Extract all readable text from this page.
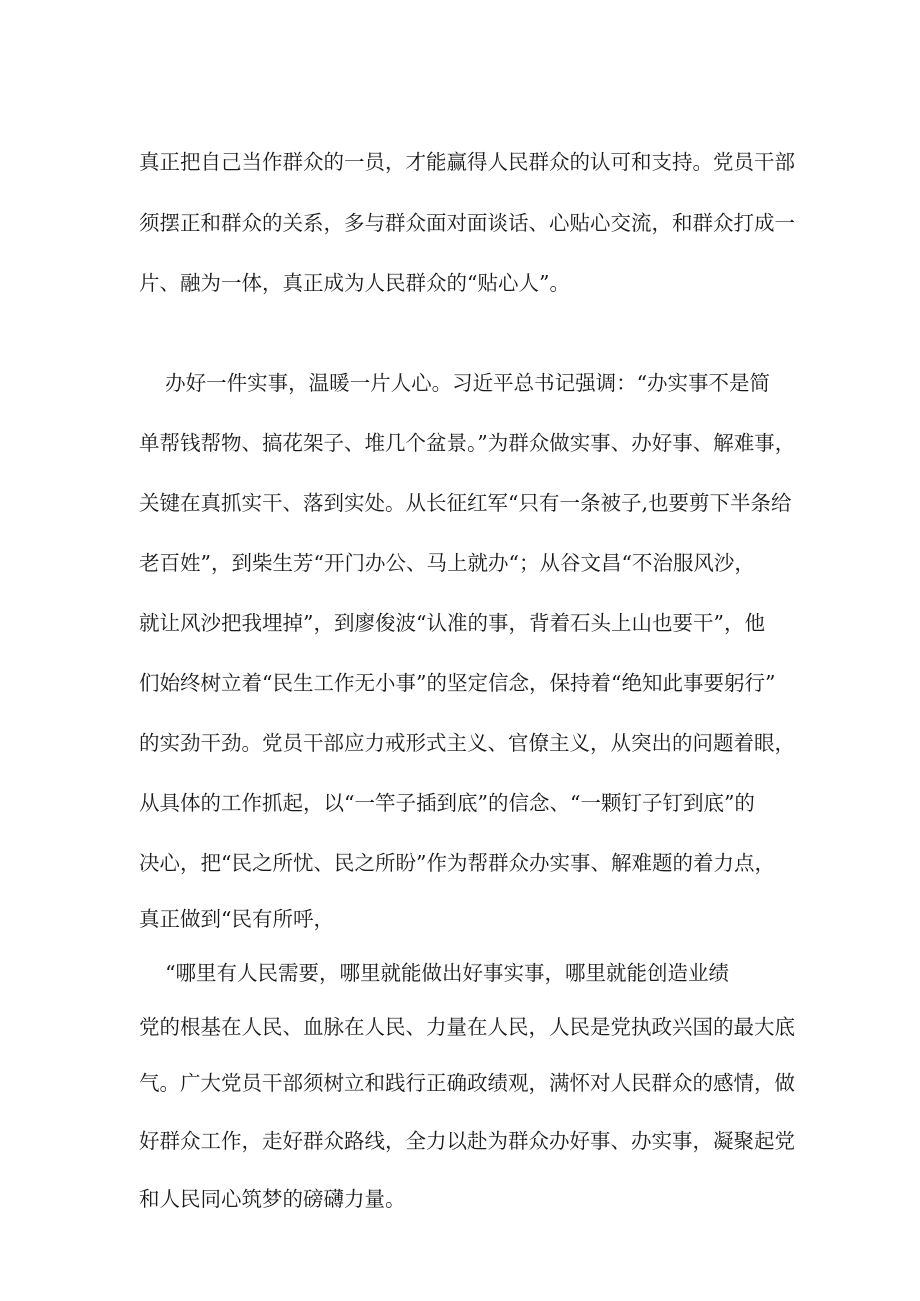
真正把自己当作群众的一员，才能赢得人民群众的认可和支持。党员干部
须摆正和群众的关系，多与群众面对面谈话、心贴心交流，和群众打成一
片、融为一体，真正成为人民群众的“贴心人”。
办好一件实事，温暖一片人心。习近平总书记强调：“办实事不是简
单帮钱帮物、搞花架子、堆几个盆景。”为群众做实事、办好事、解难事，
关键在真抓实干、落到实处。从长征红军“只有一条被子,也要剪下半条给
老百姓”，到柴生芳“开门办公、马上就办“；从谷文昌“不治服风沙，
就让风沙把我埋掉”，到廖俊波“认准的事，背着石头上山也要干”，他
们始终树立着“民生工作无小事”的坚定信念，保持着“绝知此事要躬行”
的实劲干劲。党员干部应力戒形式主义、官僚主义，从突出的问题着眼，
从具体的工作抓起，以“一竿子插到底”的信念、“一颗钉子钉到底”的
决心，把“民之所忧、民之所盼”作为帮群众办实事、解难题的着力点，
真正做到“民有所呼，
“哪里有人民需要，哪里就能做出好事实事，哪里就能创造业绩
党的根基在人民、血脉在人民、力量在人民，人民是党执政兴国的最大底
气。广大党员干部须树立和践行正确政绩观，满怀对人民群众的感情，做
好群众工作，走好群众路线，全力以赴为群众办好事、办实事，凝聚起党
和人民同心筑梦的磅礴力量。
